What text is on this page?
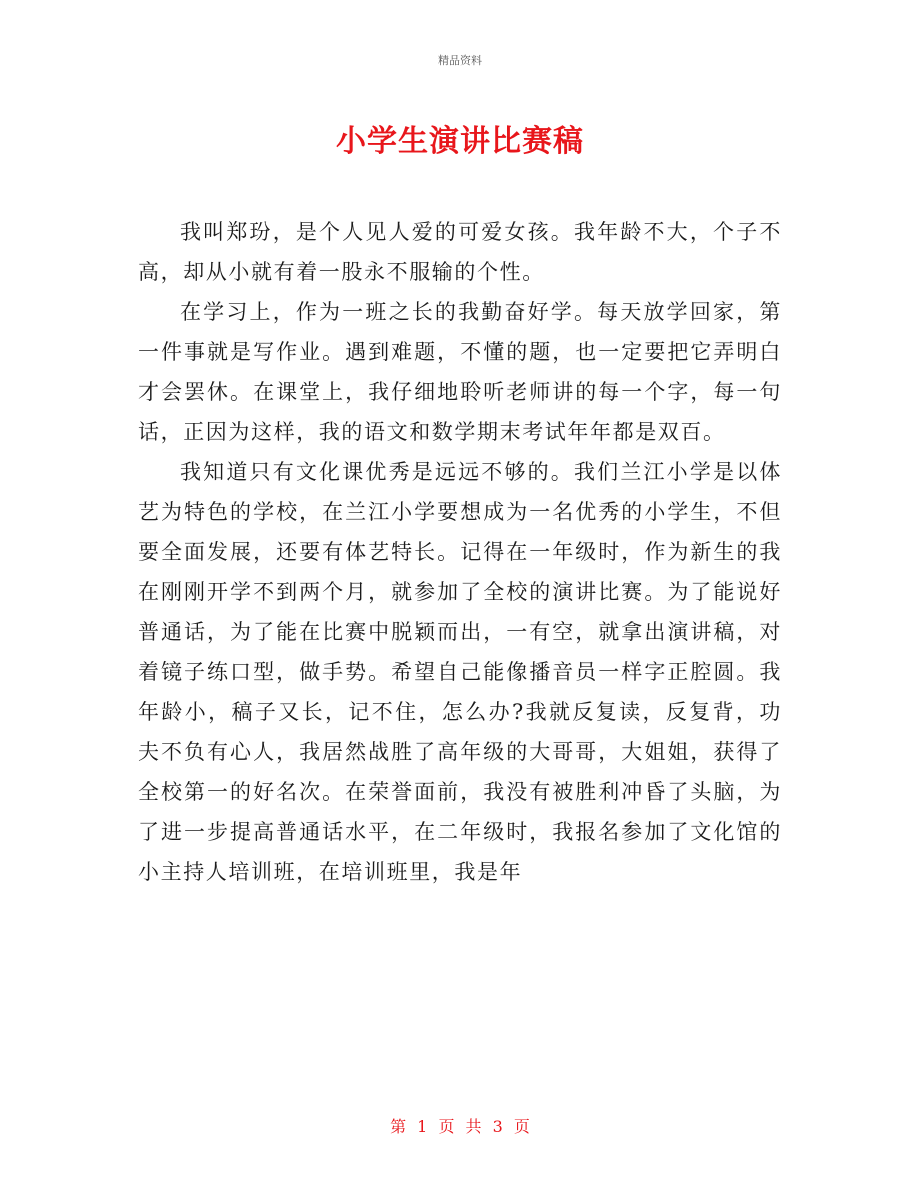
精品资料
小学生演讲比赛稿

我叫郑玢，是个人见人爱的可爱女孩。我年龄不大，个子不高，却从小就有着一股永不服输的个性。

在学习上，作为一班之长的我勤奋好学。每天放学回家，第一件事就是写作业。遇到难题，不懂的题，也一定要把它弄明白才会罢休。在课堂上，我仔细地聆听老师讲的每一个字，每一句话，正因为这样，我的语文和数学期末考试年年都是双百。

我知道只有文化课优秀是远远不够的。我们兰江小学是以体艺为特色的学校，在兰江小学要想成为一名优秀的小学生，不但要全面发展，还要有体艺特长。记得在一年级时，作为新生的我在刚刚开学不到两个月，就参加了全校的演讲比赛。为了能说好普通话，为了能在比赛中脱颖而出，一有空，就拿出演讲稿，对着镜子练口型，做手势。希望自己能像播音员一样字正腔圆。我年龄小，稿子又长，记不住，怎么办?我就反复读，反复背，功夫不负有心人，我居然战胜了高年级的大哥哥，大姐姐，获得了全校第一的好名次。在荣誉面前，我没有被胜利冲昏了头脑，为了进一步提高普通话水平，在二年级时，我报名参加了文化馆的小主持人培训班，在培训班里，我是年

第 1 页 共 3 页
